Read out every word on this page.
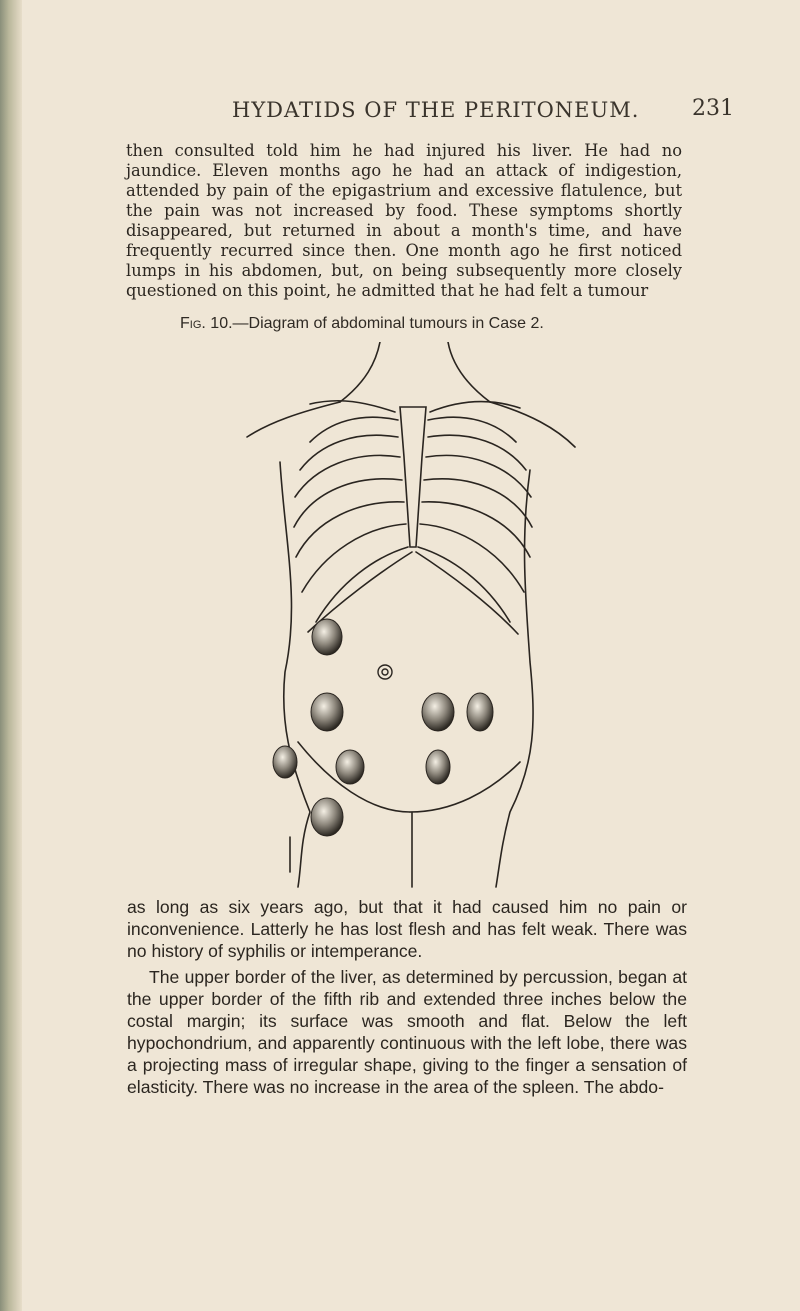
HYDATIDS OF THE PERITONEUM.	231

then consulted told him he had injured his liver. He had no jaundice. Eleven months ago he had an attack of indigestion, attended by pain of the epigastrium and excessive flatulence, but the pain was not increased by food. These symptoms shortly disappeared, but returned in about a month's time, and have frequently recurred since then. One month ago he first noticed lumps in his abdomen, but, on being subsequently more closely questioned on this point, he admitted that he had felt a tumour

Fig. 10.—Diagram of abdominal tumours in Case 2.

as long as six years ago, but that it had caused him no pain or inconvenience. Latterly he has lost flesh and has felt weak. There was no history of syphilis or intemperance.

The upper border of the liver, as determined by percussion, began at the upper border of the fifth rib and extended three inches below the costal margin; its surface was smooth and flat. Below the left hypochondrium, and apparently continuous with the left lobe, there was a projecting mass of irregular shape, giving to the finger a sensation of elasticity. There was no increase in the area of the spleen. The abdo-
